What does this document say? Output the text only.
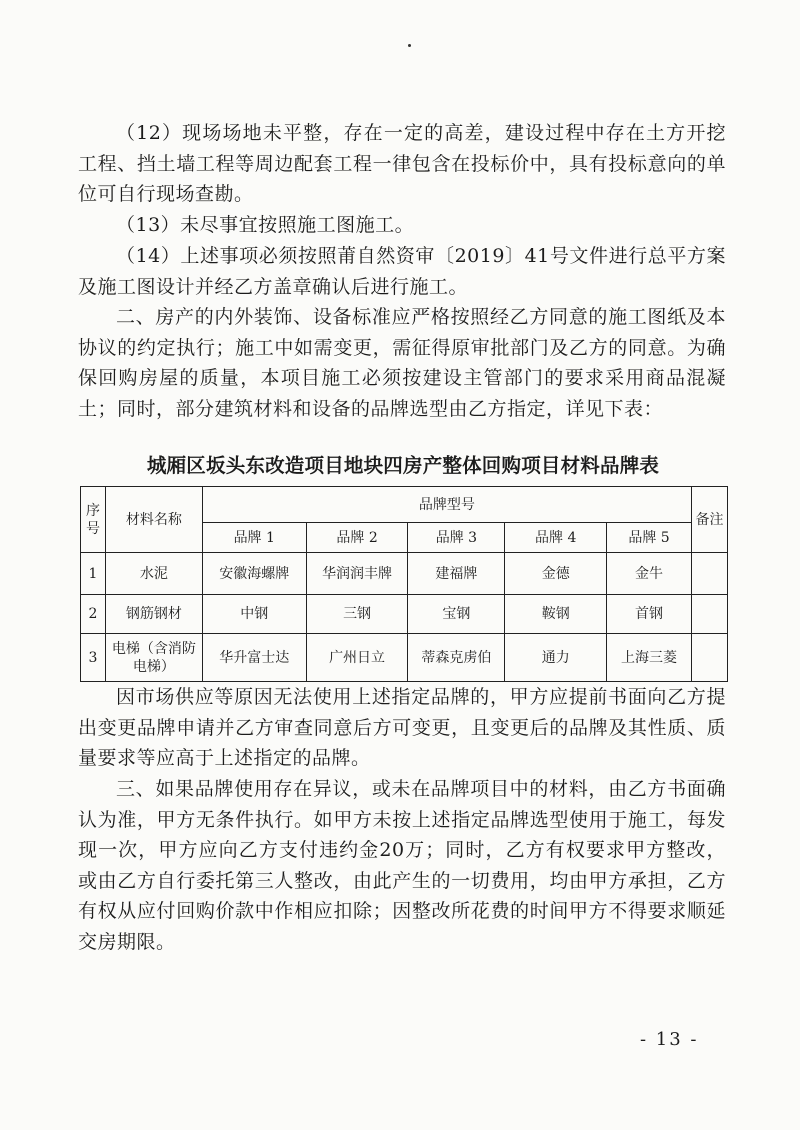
（12）现场场地未平整，存在一定的高差，建设过程中存在土方开挖工程、挡土墙工程等周边配套工程一律包含在投标价中，具有投标意向的单位可自行现场查勘。

（13）未尽事宜按照施工图施工。

（14）上述事项必须按照莆自然资审〔2019〕41号文件进行总平方案及施工图设计并经乙方盖章确认后进行施工。

二、房产的内外装饰、设备标准应严格按照经乙方同意的施工图纸及本协议的约定执行；施工中如需变更，需征得原审批部门及乙方的同意。为确保回购房屋的质量，本项目施工必须按建设主管部门的要求采用商品混凝土；同时，部分建筑材料和设备的品牌选型由乙方指定，详见下表：

城厢区坂头东改造项目地块四房产整体回购项目材料品牌表

序号	材料名称	品牌型号					备注
		品牌 1	品牌 2	品牌 3	品牌 4	品牌 5	
1	水泥	安徽海螺牌	华润润丰牌	建福牌	金德	金牛	
2	钢筋钢材	中钢	三钢	宝钢	鞍钢	首钢	
3	电梯（含消防电梯）	华升富士达	广州日立	蒂森克虏伯	通力	上海三菱	

因市场供应等原因无法使用上述指定品牌的，甲方应提前书面向乙方提出变更品牌申请并乙方审查同意后方可变更，且变更后的品牌及其性质、质量要求等应高于上述指定的品牌。

三、如果品牌使用存在异议，或未在品牌项目中的材料，由乙方书面确认为准，甲方无条件执行。如甲方未按上述指定品牌选型使用于施工，每发现一次，甲方应向乙方支付违约金20万；同时，乙方有权要求甲方整改，或由乙方自行委托第三人整改，由此产生的一切费用，均由甲方承担，乙方有权从应付回购价款中作相应扣除；因整改所花费的时间甲方不得要求顺延交房期限。

- 13 -
